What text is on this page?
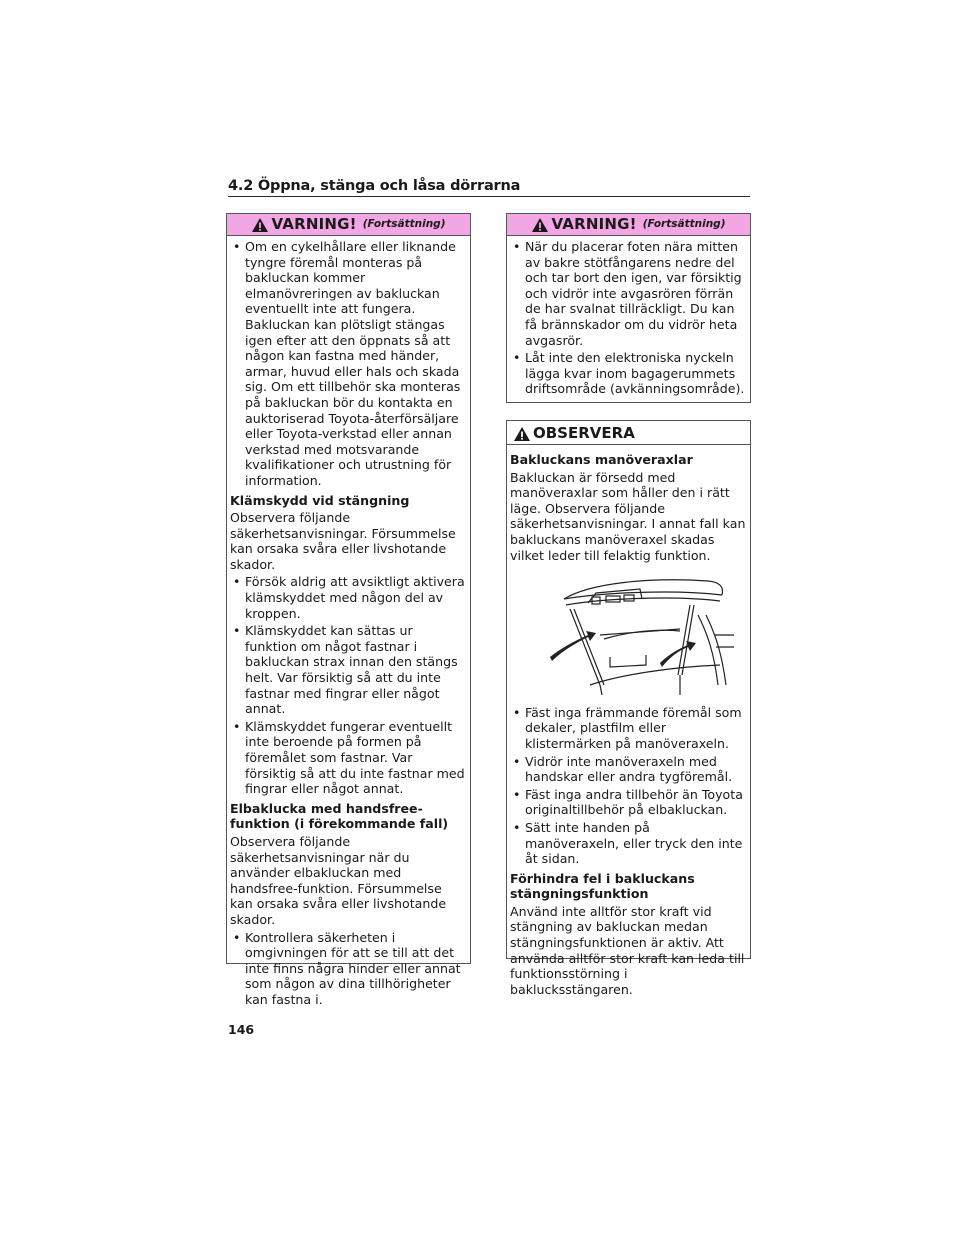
4.2 Öppna, stänga och låsa dörrarna
VARNING! (Fortsättning)
• Om en cykelhållare eller liknande tyngre föremål monteras på bakluckan kommer elmanövreringen av bakluckan eventuellt inte att fungera. Bakluckan kan plötsligt stängas igen efter att den öppnats så att någon kan fastna med händer, armar, huvud eller hals och skada sig. Om ett tillbehör ska monteras på bakluckan bör du kontakta en auktoriserad Toyota-återförsäljare eller Toyota-verkstad eller annan verkstad med motsvarande kvalifikationer och utrustning för information.
Klämskydd vid stängning
Observera följande säkerhetsanvisningar. Försummelse kan orsaka svåra eller livshotande skador.
• Försök aldrig att avsiktligt aktivera klämskyddet med någon del av kroppen.
• Klämskyddet kan sättas ur funktion om något fastnar i bakluckan strax innan den stängs helt. Var försiktig så att du inte fastnar med fingrar eller något annat.
• Klämskyddet fungerar eventuellt inte beroende på formen på föremålet som fastnar. Var försiktig så att du inte fastnar med fingrar eller något annat.
Elbaklucka med handsfree-funktion (i förekommande fall)
Observera följande säkerhetsanvisningar när du använder elbakluckan med handsfree-funktion. Försummelse kan orsaka svåra eller livshotande skador.
• Kontrollera säkerheten i omgivningen för att se till att det inte finns några hinder eller annat som någon av dina tillhörigheter kan fastna i.
VARNING! (Fortsättning)
• När du placerar foten nära mitten av bakre stötfångarens nedre del och tar bort den igen, var försiktig och vidrör inte avgasrören förrän de har svalnat tillräckligt. Du kan få brännskador om du vidrör heta avgasrör.
• Låt inte den elektroniska nyckeln lägga kvar inom bagagerummets driftsområde (avkänningsområde).
OBSERVERA
Bakluckans manöveraxlar
Bakluckan är försedd med manöveraxlar som håller den i rätt läge. Observera följande säkerhetsanvisningar. I annat fall kan bakluckans manöveraxel skadas vilket leder till felaktig funktion.
• Fäst inga främmande föremål som dekaler, plastfilm eller klistermärken på manöveraxeln.
• Vidrör inte manöveraxeln med handskar eller andra tygföremål.
• Fäst inga andra tillbehör än Toyota originaltillbehör på elbakluckan.
• Sätt inte handen på manöveraxeln, eller tryck den inte åt sidan.
Förhindra fel i bakluckans stängningsfunktion
Använd inte alltför stor kraft vid stängning av bakluckan medan stängningsfunktionen är aktiv. Att använda alltför stor kraft kan leda till funktionsstörning i baklucksstängaren.
146
